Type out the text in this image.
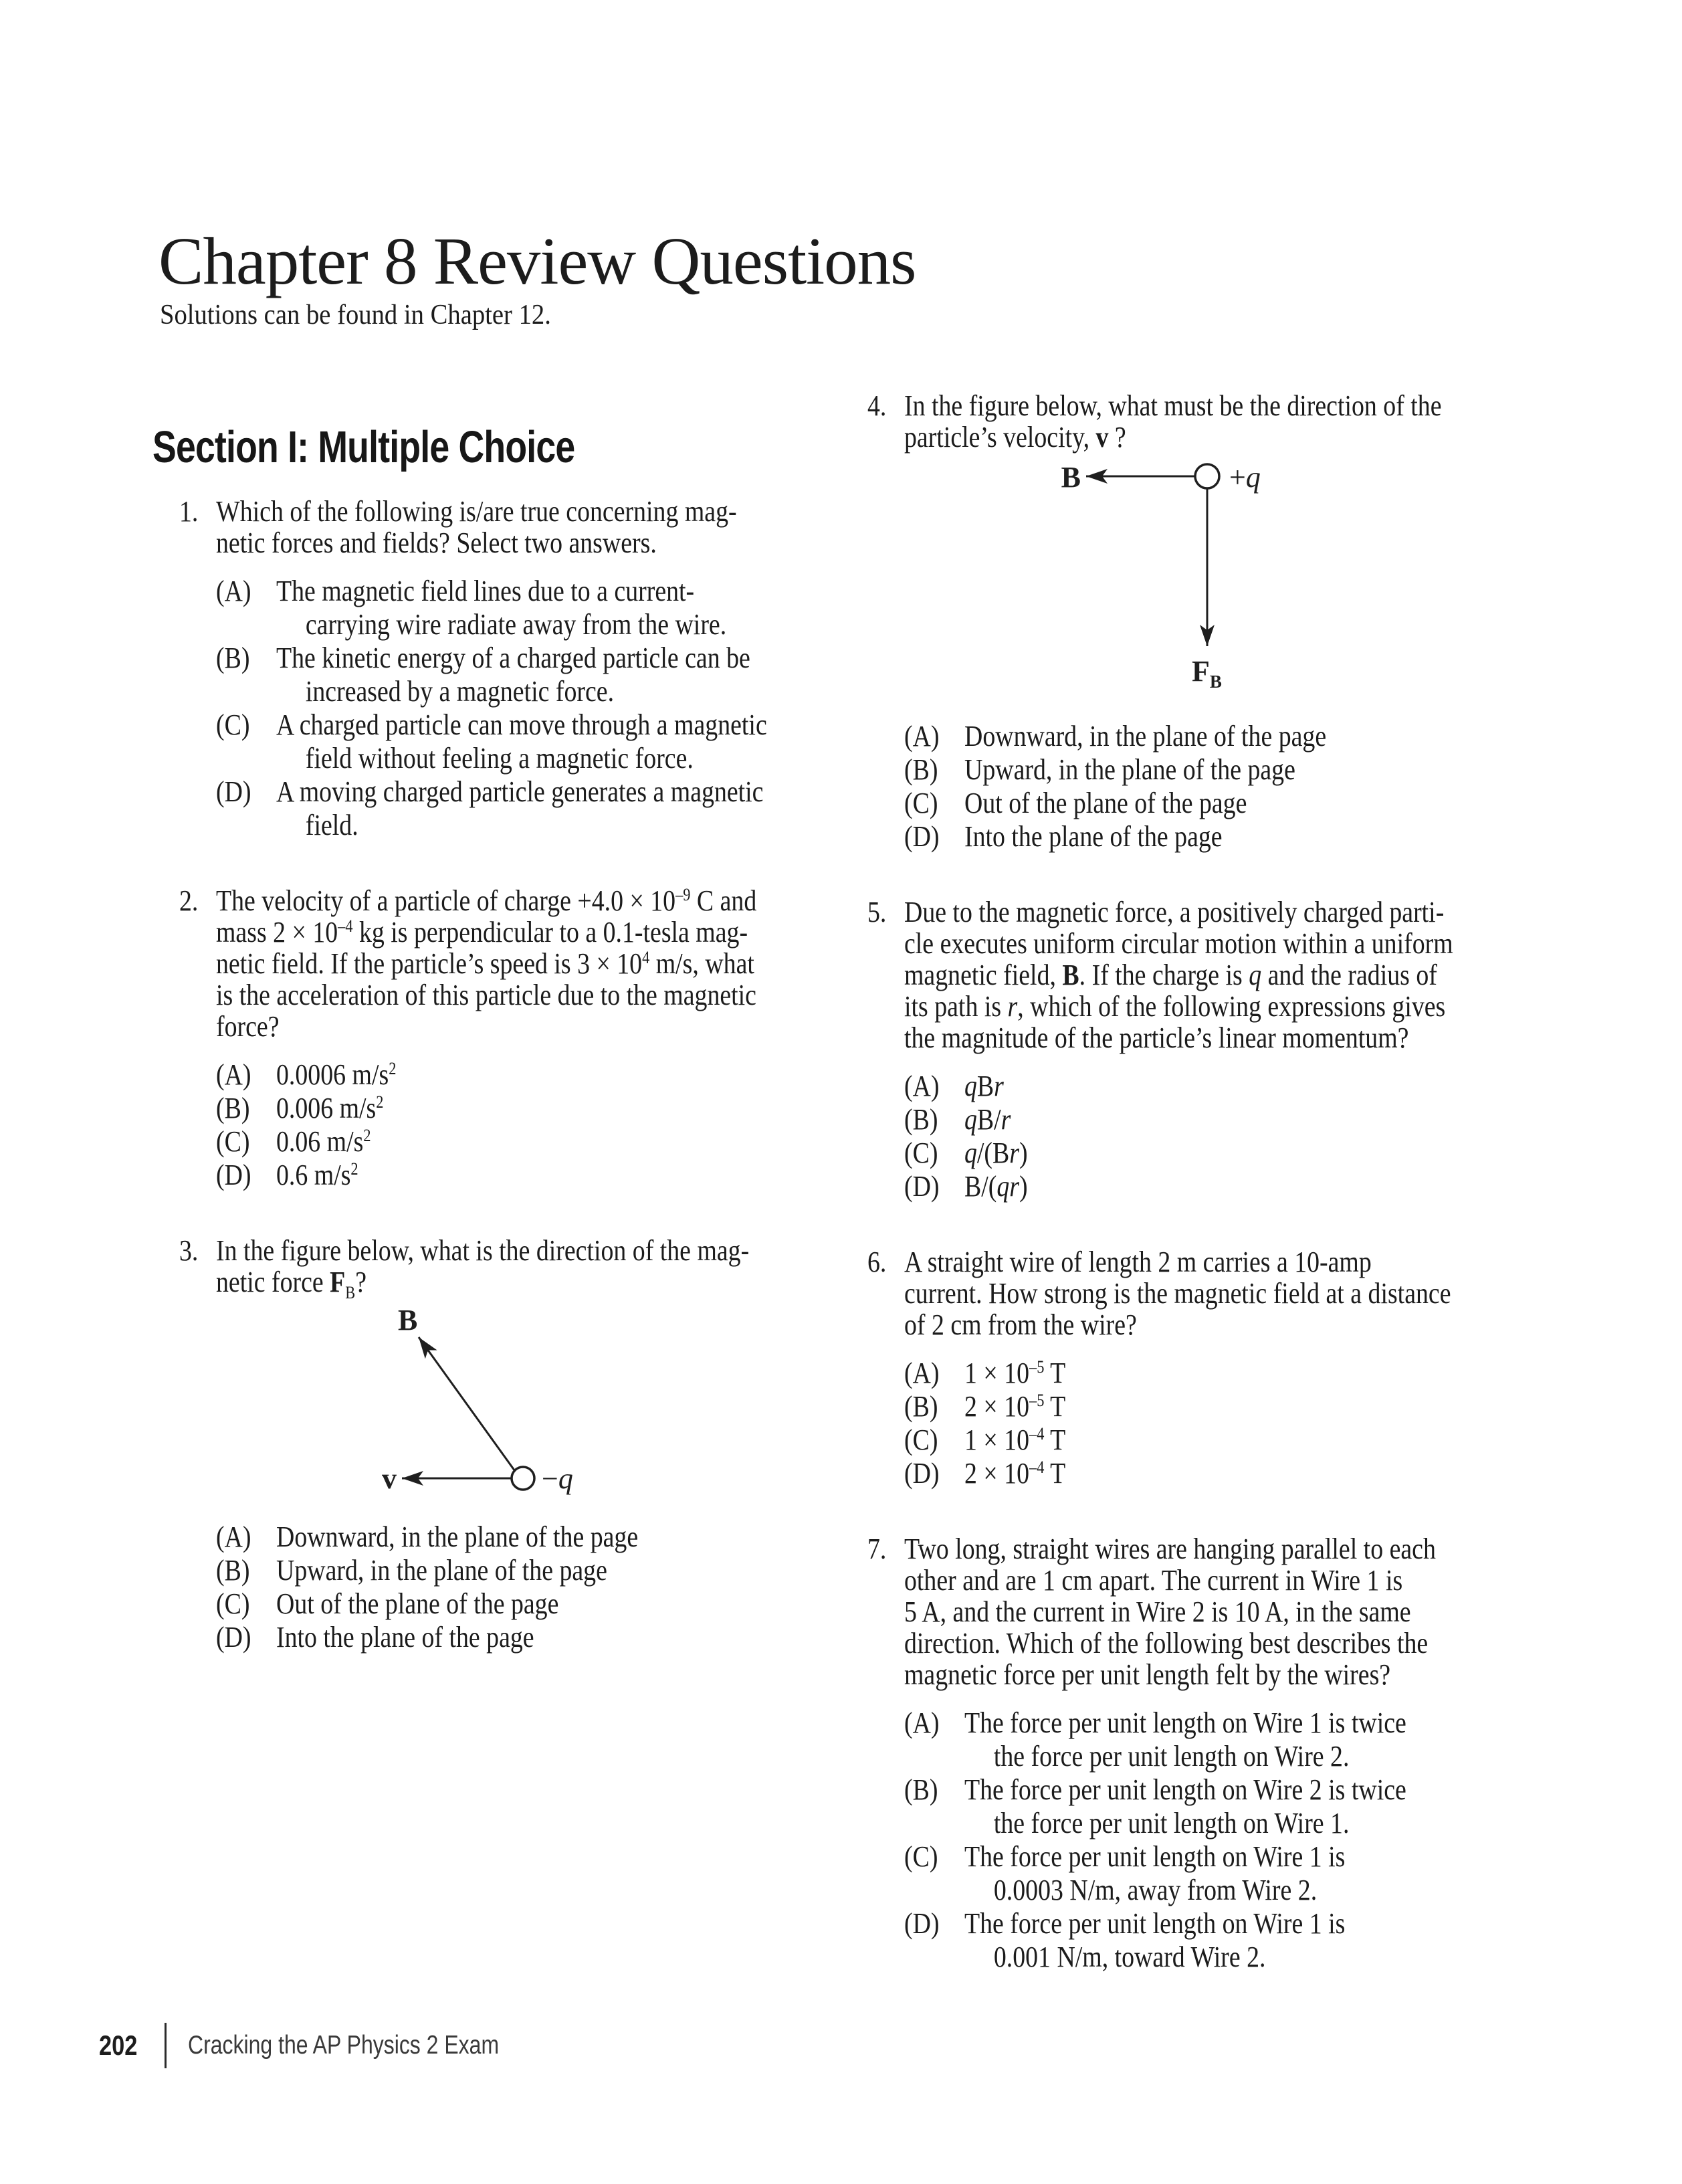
Chapter 8 Review Questions

Solutions can be found in Chapter 12.

Section I: Multiple Choice
1. Which of the following is/are true concerning mag-
netic forces and fields? Select two answers.
(A) The magnetic field lines due to a current-
carrying wire radiate away from the wire.
(B) The kinetic energy of a charged particle can be
increased by a magnetic force.
(C) A charged particle can move through a magnetic
field without feeling a magnetic force.
(D) A moving charged particle generates a magnetic
field.
2. The velocity of a particle of charge $+4.0 \times 10^{-9}$ C and
mass $2 \times 10^{-4}$ kg is perpendicular to a 0.1-tesla mag-
netic field. If the particle’s speed is $3 \times 10^4$ m/s, what
is the acceleration of this particle due to the magnetic
force?
(A) 0.0006 $m/s^2$
(B) 0.006 $m/s^2$
(C) 0.06 $m/s^2$
(D) 0.6 $m/s^2$
3. In the figure below, what is the direction of the mag-
netic force $F_B$?
B
v	−q
(A) Downward, in the plane of the page
(B) Upward, in the plane of the page
(C) Out of the plane of the page
(D) Into the plane of the page
4. In the figure below, what must be the direction of the
particle’s velocity, v ?
B	+q
$F_B$
(A) Downward, in the plane of the page
(B) Upward, in the plane of the page
(C) Out of the plane of the page
(D) Into the plane of the page
5. Due to the magnetic force, a positively charged parti-
cle executes uniform circular motion within a uniform
magnetic field, B. If the charge is q and the radius of
its path is r, which of the following expressions gives
the magnitude of the particle’s linear momentum?
(A) qBr
(B) qB/r
(C) q/(Br)
(D) B/(qr)
6. A straight wire of length 2 m carries a 10-amp
current. How strong is the magnetic field at a distance
of 2 cm from the wire?
(A) $1 \times 10^{-5}$ T
(B) $2 \times 10^{-5}$ T
(C) $1 \times 10^{-4}$ T
(D) $2 \times 10^{-4}$ T
7. Two long, straight wires are hanging parallel to each
other and are 1 cm apart. The current in Wire 1 is
5 A, and the current in Wire 2 is 10 A, in the same
direction. Which of the following best describes the
magnetic force per unit length felt by the wires?
(A) The force per unit length on Wire 1 is twice
the force per unit length on Wire 2.
(B) The force per unit length on Wire 2 is twice
the force per unit length on Wire 1.
(C) The force per unit length on Wire 1 is
0.0003 N/m, away from Wire 2.
(D) The force per unit length on Wire 1 is
0.001 N/m, toward Wire 2.
202 Cracking the AP Physics 2 Exam
